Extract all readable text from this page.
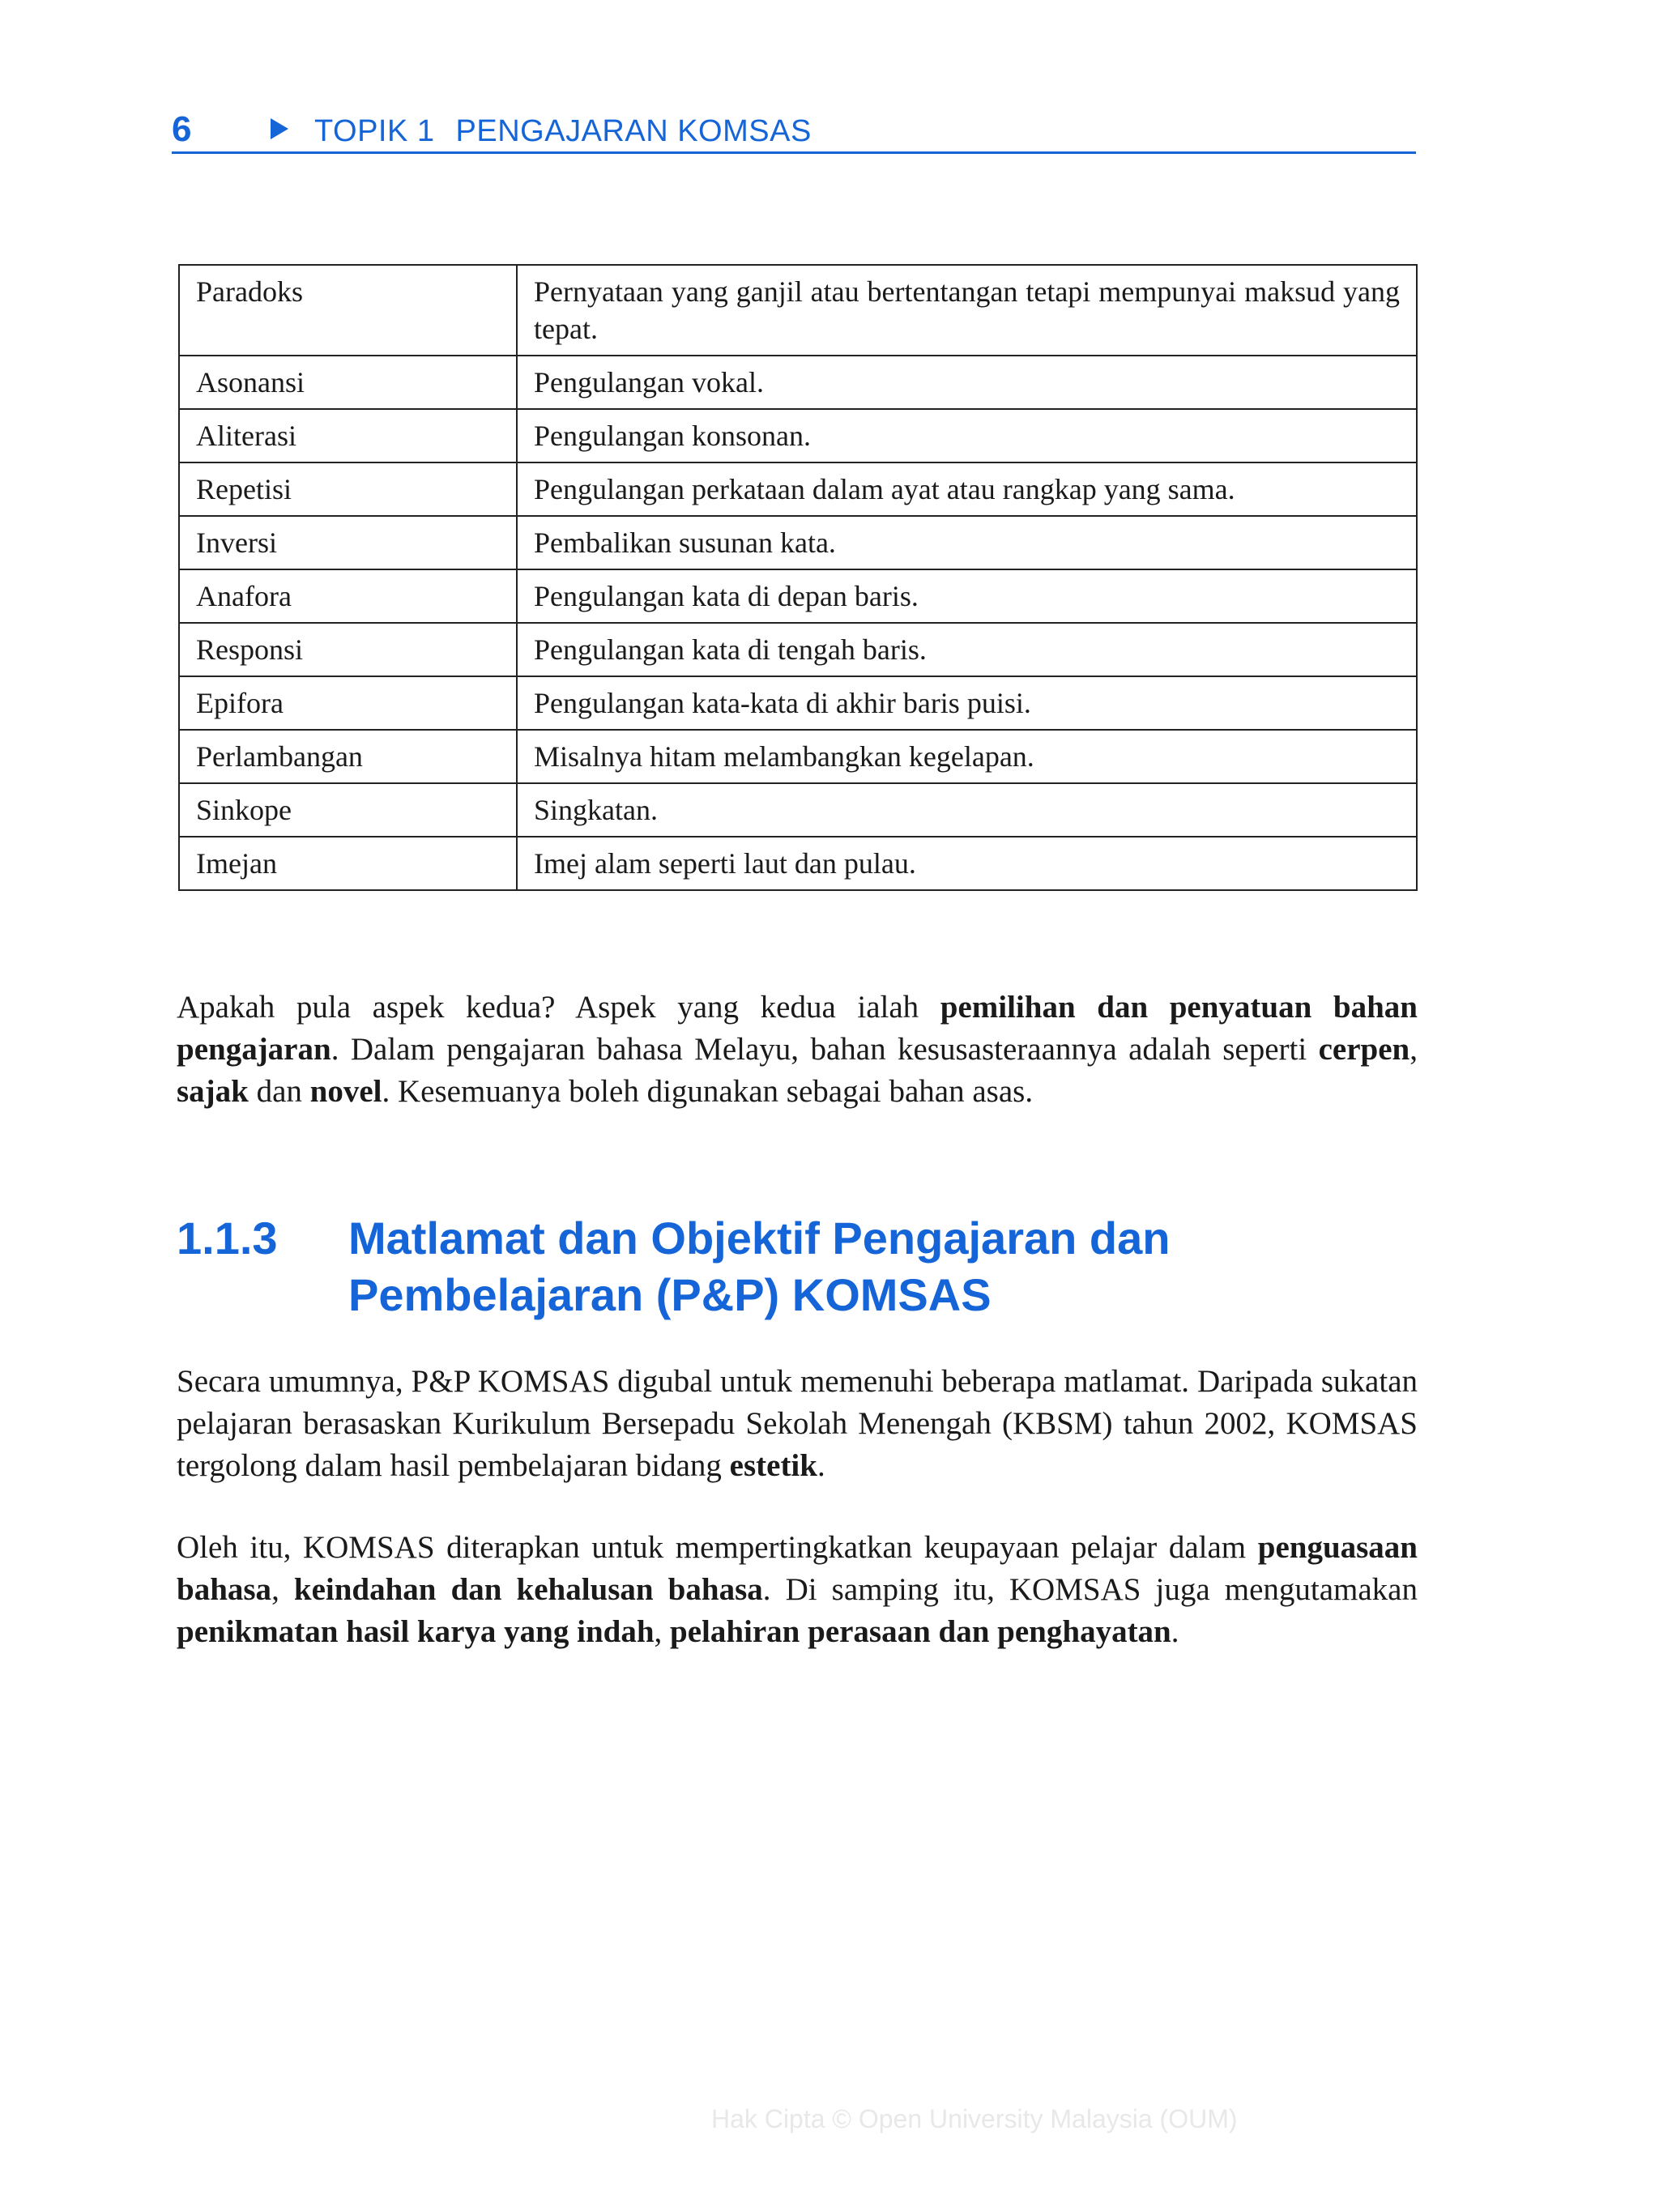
6	TOPIK 1 PENGAJARAN KOMSAS
Paradoks	Pernyataan yang ganjil atau bertentangan tetapi mempunyai maksud yang tepat.
Asonansi	Pengulangan vokal.
Aliterasi	Pengulangan konsonan.
Repetisi	Pengulangan perkataan dalam ayat atau rangkap yang sama.
Inversi	Pembalikan susunan kata.
Anafora	Pengulangan kata di depan baris.
Responsi	Pengulangan kata di tengah baris.
Epifora	Pengulangan kata-kata di akhir baris puisi.
Perlambangan	Misalnya hitam melambangkan kegelapan.
Sinkope	Singkatan.
Imejan	Imej alam seperti laut dan pulau.

Apakah pula aspek kedua? Aspek yang kedua ialah pemilihan dan penyatuan bahan pengajaran. Dalam pengajaran bahasa Melayu, bahan kesusasteraannya adalah seperti cerpen, sajak dan novel. Kesemuanya boleh digunakan sebagai bahan asas.

1.1.3 Matlamat dan Objektif Pengajaran dan Pembelajaran (P&P) KOMSAS

Secara umumnya, P&P KOMSAS digubal untuk memenuhi beberapa matlamat. Daripada sukatan pelajaran berasaskan Kurikulum Bersepadu Sekolah Menengah (KBSM) tahun 2002, KOMSAS tergolong dalam hasil pembelajaran bidang estetik.

Oleh itu, KOMSAS diterapkan untuk mempertingkatkan keupayaan pelajar dalam penguasaan bahasa, keindahan dan kehalusan bahasa. Di samping itu, KOMSAS juga mengutamakan penikmatan hasil karya yang indah, pelahiran perasaan dan penghayatan.

Hak Cipta © Open University Malaysia (OUM)
